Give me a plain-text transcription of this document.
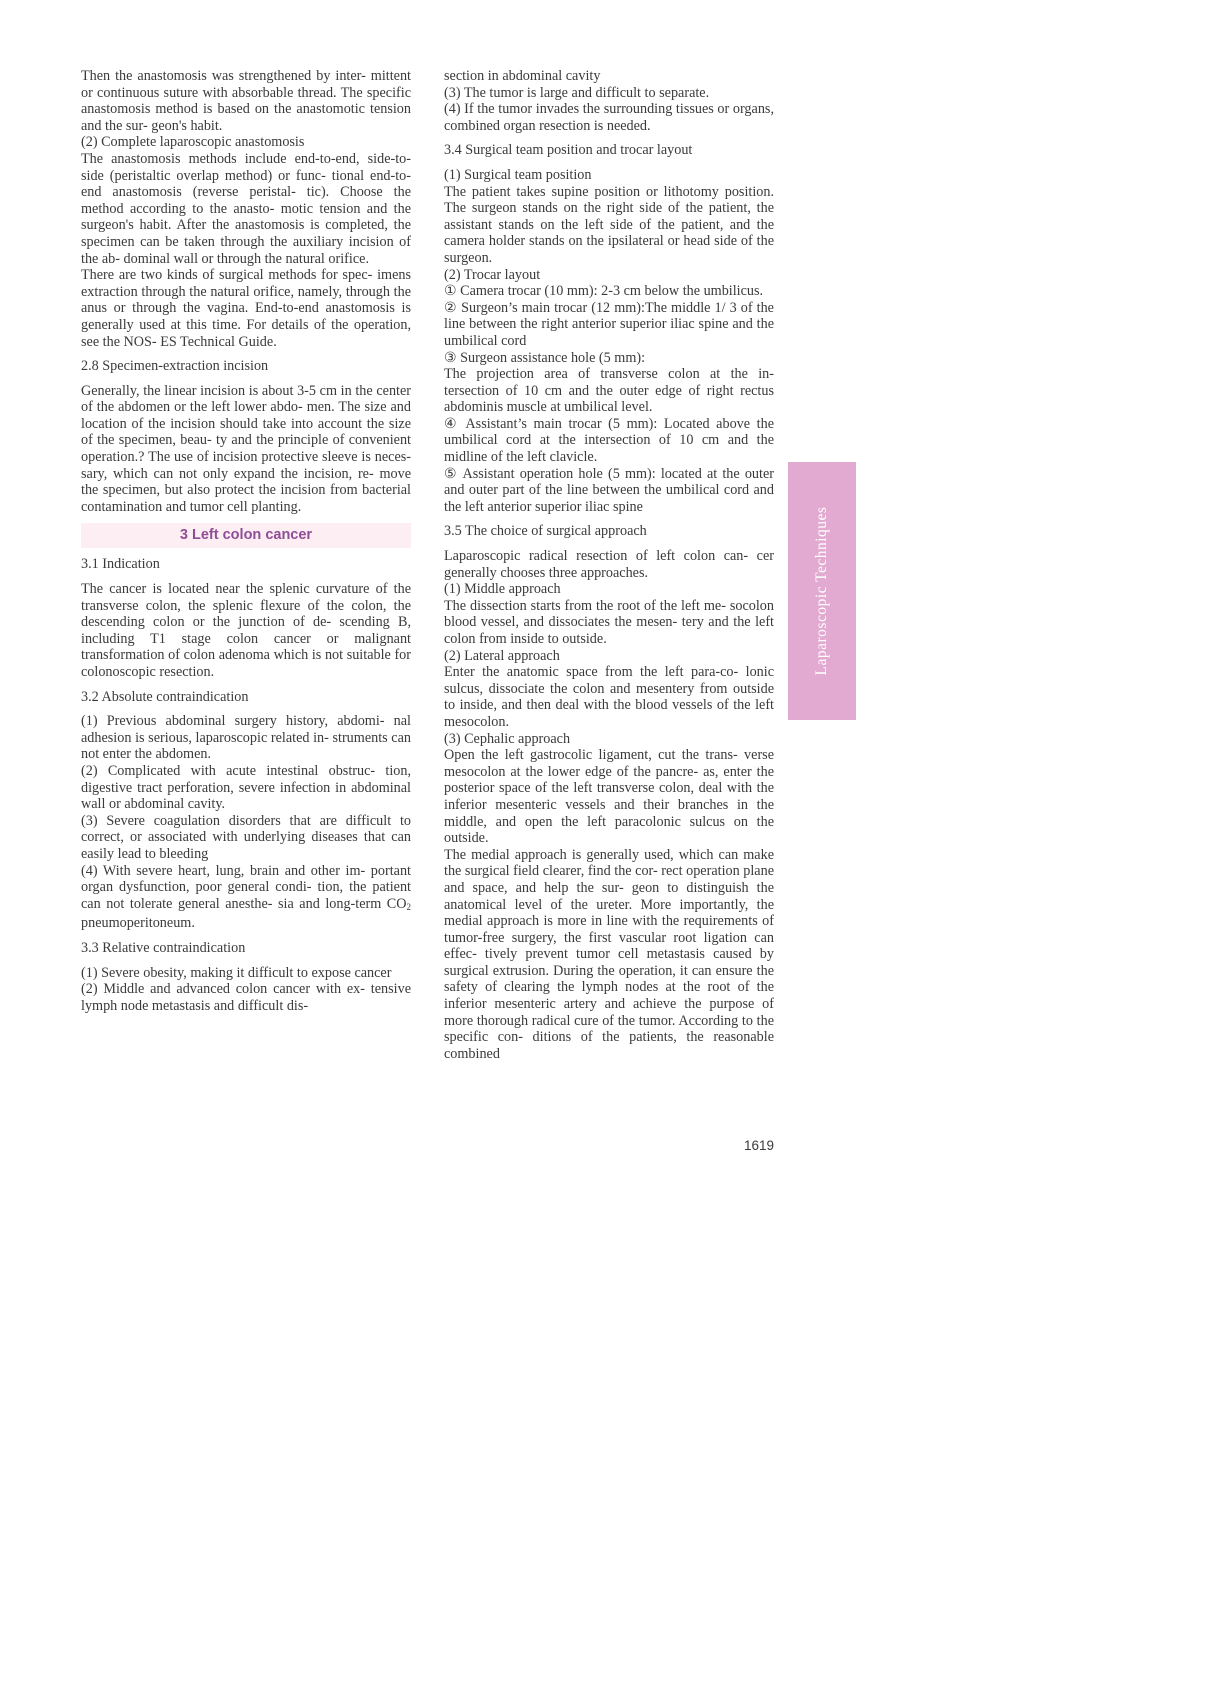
Then the anastomosis was strengthened by inter- mittent or continuous suture with absorbable thread. The specific anastomosis method is based on the anastomotic tension and the sur- geon's habit.

(2) Complete laparoscopic anastomosis

The anastomosis methods include end-to-end, side-to-side (peristaltic overlap method) or func- tional end-to-end anastomosis (reverse peristal- tic). Choose the method according to the anasto- motic tension and the surgeon's habit. After the anastomosis is completed, the specimen can be taken through the auxiliary incision of the ab- dominal wall or through the natural orifice.

There are two kinds of surgical methods for spec- imens extraction through the natural orifice, namely, through the anus or through the vagina. End-to-end anastomosis is generally used at this time. For details of the operation, see the NOS- ES Technical Guide.

2.8 Specimen-extraction incision

Generally, the linear incision is about 3-5 cm in the center of the abdomen or the left lower abdo- men. The size and location of the incision should take into account the size of the specimen, beau- ty and the principle of convenient operation.? The use of incision protective sleeve is neces- sary, which can not only expand the incision, re- move the specimen, but also protect the incision from bacterial contamination and tumor cell planting.

3 Left colon cancer

3.1 Indication

The cancer is located near the splenic curvature of the transverse colon, the splenic flexure of the colon, the descending colon or the junction of de- scending B, including T1 stage colon cancer or malignant transformation of colon adenoma which is not suitable for colonoscopic resection.

3.2 Absolute contraindication

(1) Previous abdominal surgery history, abdomi- nal adhesion is serious, laparoscopic related in- struments can not enter the abdomen.

(2) Complicated with acute intestinal obstruc- tion, digestive tract perforation, severe infection in abdominal wall or abdominal cavity.

(3) Severe coagulation disorders that are difficult to correct, or associated with underlying diseases that can easily lead to bleeding

(4) With severe heart, lung, brain and other im- portant organ dysfunction, poor general condi- tion, the patient can not tolerate general anesthe- sia and long-term $CO_2$ pneumoperitoneum.

3.3 Relative contraindication

(1) Severe obesity, making it difficult to expose cancer

(2) Middle and advanced colon cancer with ex- tensive lymph node metastasis and difficult dis-

section in abdominal cavity

(3) The tumor is large and difficult to separate.

(4) If the tumor invades the surrounding tissues or organs, combined organ resection is needed.

3.4 Surgical team position and trocar layout

(1) Surgical team position

The patient takes supine position or lithotomy position. The surgeon stands on the right side of the patient, the assistant stands on the left side of the patient, and the camera holder stands on the ipsilateral or head side of the surgeon.

(2) Trocar layout

① Camera trocar (10 mm): 2-3 cm below the umbilicus.

② Surgeon’s main trocar (12 mm):The middle 1/ 3 of the line between the right anterior superior iliac spine and the umbilical cord

③ Surgeon assistance hole (5 mm):

The projection area of transverse colon at the in- tersection of 10 cm and the outer edge of right rectus abdominis muscle at umbilical level.

④ Assistant’s main trocar (5 mm): Located above the umbilical cord at the intersection of 10 cm and the midline of the left clavicle.

⑤ Assistant operation hole (5 mm): located at the outer and outer part of the line between the umbilical cord and the left anterior superior iliac spine

3.5 The choice of surgical approach

Laparoscopic radical resection of left colon can- cer generally chooses three approaches.

(1) Middle approach

The dissection starts from the root of the left me- socolon blood vessel, and dissociates the mesen- tery and the left colon from inside to outside.

(2) Lateral approach

Enter the anatomic space from the left para-co- lonic sulcus, dissociate the colon and mesentery from outside to inside, and then deal with the blood vessels of the left mesocolon.

(3) Cephalic approach

Open the left gastrocolic ligament, cut the trans- verse mesocolon at the lower edge of the pancre- as, enter the posterior space of the left transverse colon, deal with the inferior mesenteric vessels and their branches in the middle, and open the left paracolonic sulcus on the outside.

The medial approach is generally used, which can make the surgical field clearer, find the cor- rect operation plane and space, and help the sur- geon to distinguish the anatomical level of the ureter. More importantly, the medial approach is more in line with the requirements of tumor-free surgery, the first vascular root ligation can effec- tively prevent tumor cell metastasis caused by surgical extrusion. During the operation, it can ensure the safety of clearing the lymph nodes at the root of the inferior mesenteric artery and achieve the purpose of more thorough radical cure of the tumor. According to the specific con- ditions of the patients, the reasonable combined

Laparoscopic Techniques
1619
